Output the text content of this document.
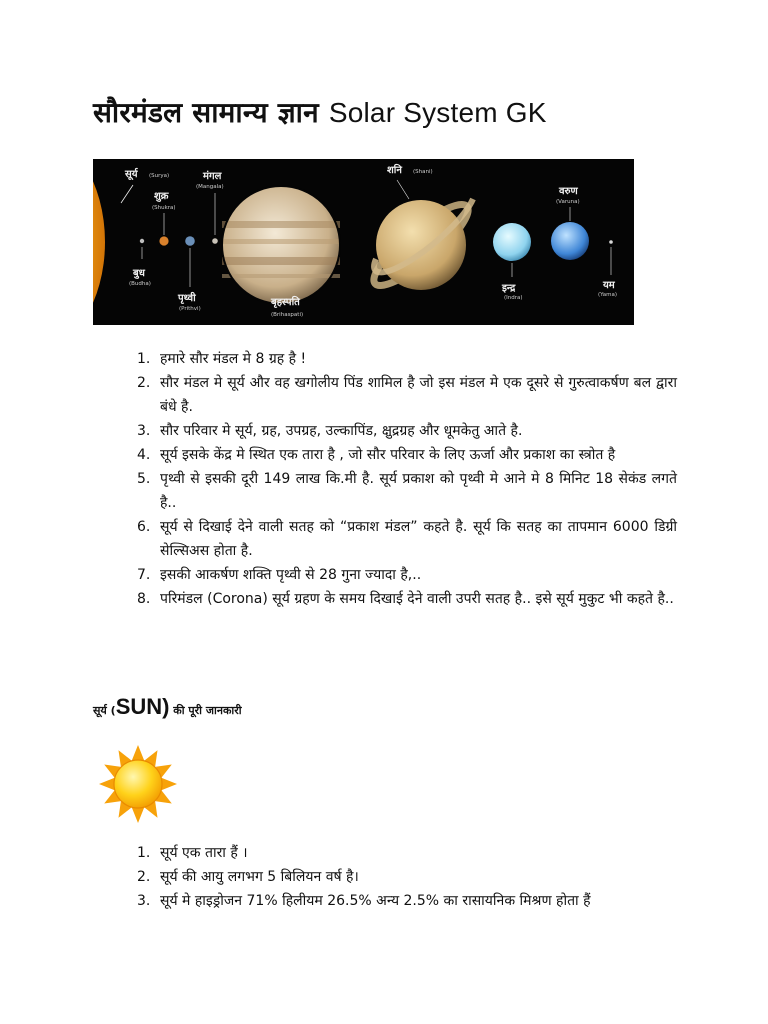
सौरमंडल सामान्य ज्ञान Solar System GK
सूर्य (Surya)
बुध
(Budha)
शुक्र
(Shukra)
पृथ्वी
(Prithvi)
मंगल
(Mangala)
बृहस्पति
(Brihaspati)
शनि (Shani)
इन्द्र
(Indra)
वरुण
(Varuna)
यम
(Yama)
1. हमारे सौर मंडल मे 8 ग्रह है !
2. सौर मंडल मे सूर्य और वह खगोलीय पिंड शामिल है जो इस मंडल मे एक दूसरे से गुरुत्वाकर्षण बल द्वारा बंधे है.
3. सौर परिवार मे सूर्य, ग्रह, उपग्रह, उल्कापिंड, क्षुद्रग्रह और धूमकेतु आते है.
4. सूर्य इसके केंद्र मे स्थित एक तारा है , जो सौर परिवार के लिए ऊर्जा और प्रकाश का स्त्रोत है
5. पृथ्वी से इसकी दूरी 149 लाख कि.मी है. सूर्य प्रकाश को पृथ्वी मे आने मे 8 मिनिट 18 सेकंड लगते है..
6. सूर्य से दिखाई देने वाली सतह को “प्रकाश मंडल” कहते है. सूर्य कि सतह का तापमान 6000 डिग्री सेल्सिअस होता है.
7. इसकी आकर्षण शक्ति पृथ्वी से 28 गुना ज्यादा है,..
8. परिमंडल (Corona) सूर्य ग्रहण के समय दिखाई देने वाली उपरी सतह है.. इसे सूर्य मुकुट भी कहते है..
सूर्य (SUN) की पूरी जानकारी
1. सूर्य एक तारा हैं ।
2. सूर्य की आयु लगभग 5 बिलियन वर्ष है।
3. सूर्य मे हाइड्रोजन 71% हिलीयम 26.5% अन्य 2.5% का रासायनिक मिश्रण होता हैं
